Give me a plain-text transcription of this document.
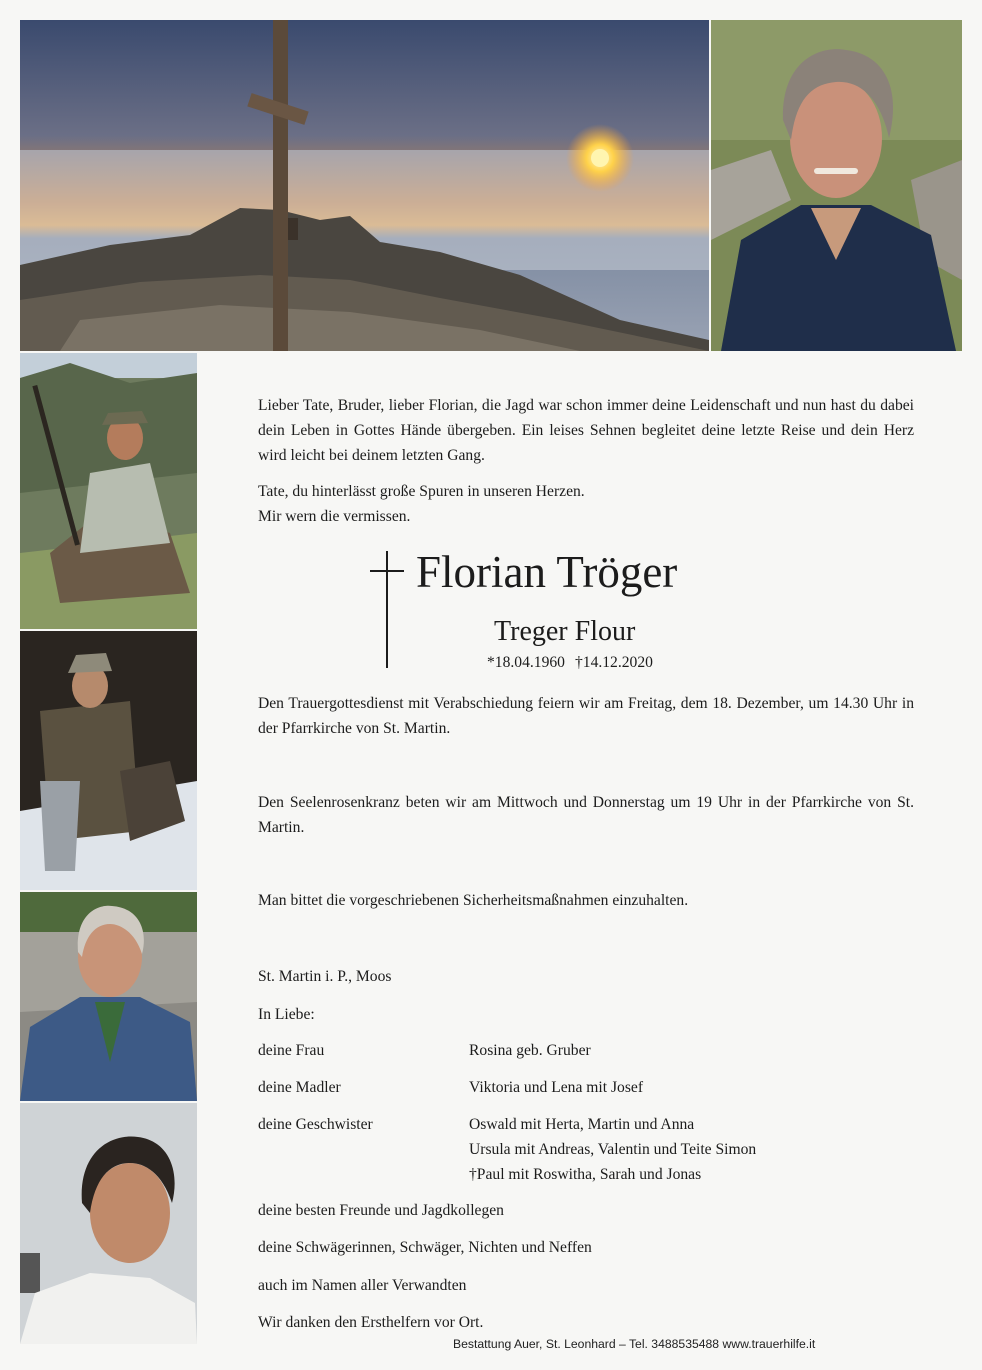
Lieber Tate, Bruder, lieber Florian, die Jagd war schon immer deine Leidenschaft und nun hast du dabei dein Leben in Gottes Hände übergeben. Ein leises Sehnen begleitet deine letzte Reise und dein Herz wird leicht bei deinem letzten Gang.
Tate, du hinterlässt große Spuren in unseren Herzen.
Mir wern die vermissen.
Florian Tröger
Treger Flour
*18.04.1960 †14.12.2020
Den Trauergottesdienst mit Verabschiedung feiern wir am Freitag, dem 18. Dezember, um 14.30 Uhr in der Pfarrkirche von St. Martin.
Den Seelenrosenkranz beten wir am Mittwoch und Donnerstag um 19 Uhr in der Pfarrkirche von St. Martin.
Man bittet die vorgeschriebenen Sicherheitsmaßnahmen einzuhalten.
St. Martin i. P., Moos
In Liebe:
deine Frau	Rosina geb. Gruber
deine Madler	Viktoria und Lena mit Josef
deine Geschwister	Oswald mit Herta, Martin und Anna
Ursula mit Andreas, Valentin und Teite Simon
†Paul mit Roswitha, Sarah und Jonas
deine besten Freunde und Jagdkollegen
deine Schwägerinnen, Schwäger, Nichten und Neffen
auch im Namen aller Verwandten
Wir danken den Ersthelfern vor Ort.
Bestattung Auer, St. Leonhard – Tel. 3488535488 www.trauerhilfe.it
